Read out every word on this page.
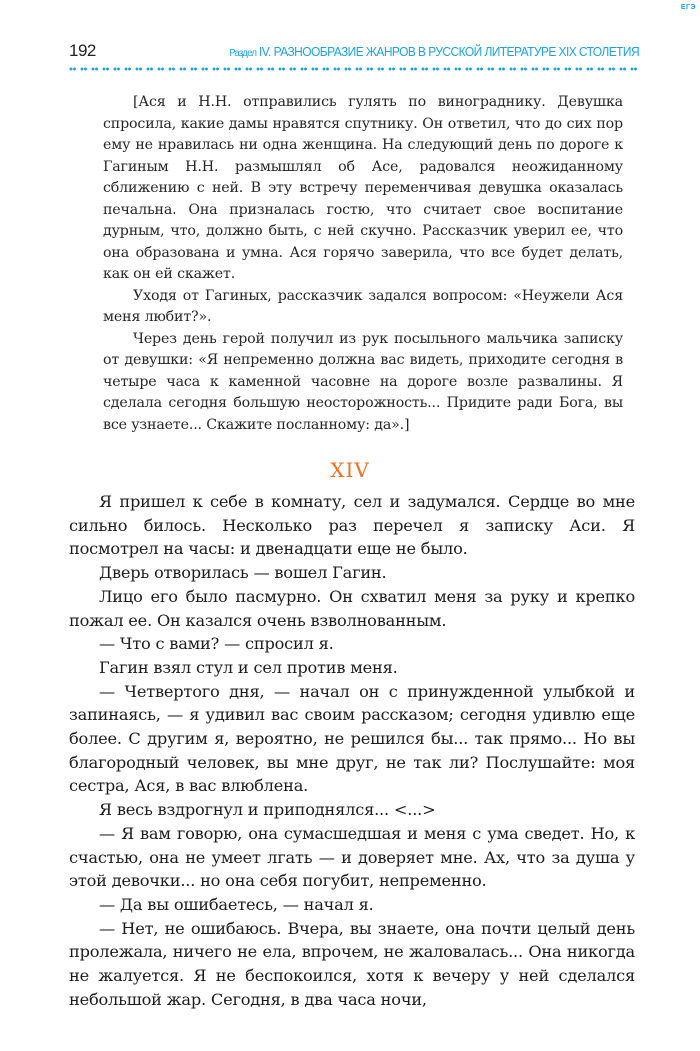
ЕГЭ
192	Раздел IV. РАЗНООБРАЗИЕ ЖАНРОВ В РУССКОЙ ЛИТЕРАТУРЕ XIX СТОЛЕТИЯ

[Ася и Н.Н. отправились гулять по винограднику. Девушка спросила, какие дамы нравятся спутнику. Он ответил, что до сих пор ему не нравилась ни одна женщина. На следующий день по дороге к Гагиным Н.Н. размышлял об Асе, радовался неожиданному сближению с ней. В эту встречу переменчивая девушка оказалась печальна. Она призналась гостю, что считает свое воспитание дурным, что, должно быть, с ней скучно. Рассказчик уверил ее, что она образована и умна. Ася горячо заверила, что все будет делать, как он ей скажет.

Уходя от Гагиных, рассказчик задался вопросом: «Неужели Ася меня любит?».

Через день герой получил из рук посыльного мальчика записку от девушки: «Я непременно должна вас видеть, приходите сегодня в четыре часа к каменной часовне на дороге возле развалины. Я сделала сегодня большую неосторожность... Придите ради Бога, вы все узнаете... Скажите посланному: да».]

XIV

Я пришел к себе в комнату, сел и задумался. Сердце во мне сильно билось. Несколько раз перечел я записку Аси. Я посмотрел на часы: и двенадцати еще не было.

Дверь отворилась — вошел Гагин.

Лицо его было пасмурно. Он схватил меня за руку и крепко пожал ее. Он казался очень взволнованным.

— Что с вами? — спросил я.

Гагин взял стул и сел против меня.

— Четвертого дня, — начал он с принужденной улыбкой и запинаясь, — я удивил вас своим рассказом; сегодня удивлю еще более. С другим я, вероятно, не решился бы... так прямо... Но вы благородный человек, вы мне друг, не так ли? Послушайте: моя сестра, Ася, в вас влюблена.

Я весь вздрогнул и приподнялся... <...>

— Я вам говорю, она сумасшедшая и меня с ума сведет. Но, к счастью, она не умеет лгать — и доверяет мне. Ах, что за душа у этой девочки... но она себя погубит, непременно.

— Да вы ошибаетесь, — начал я.

— Нет, не ошибаюсь. Вчера, вы знаете, она почти целый день пролежала, ничего не ела, впрочем, не жаловалась... Она никогда не жалуется. Я не беспокоился, хотя к вечеру у ней сделался небольшой жар. Сегодня, в два часа ночи,
